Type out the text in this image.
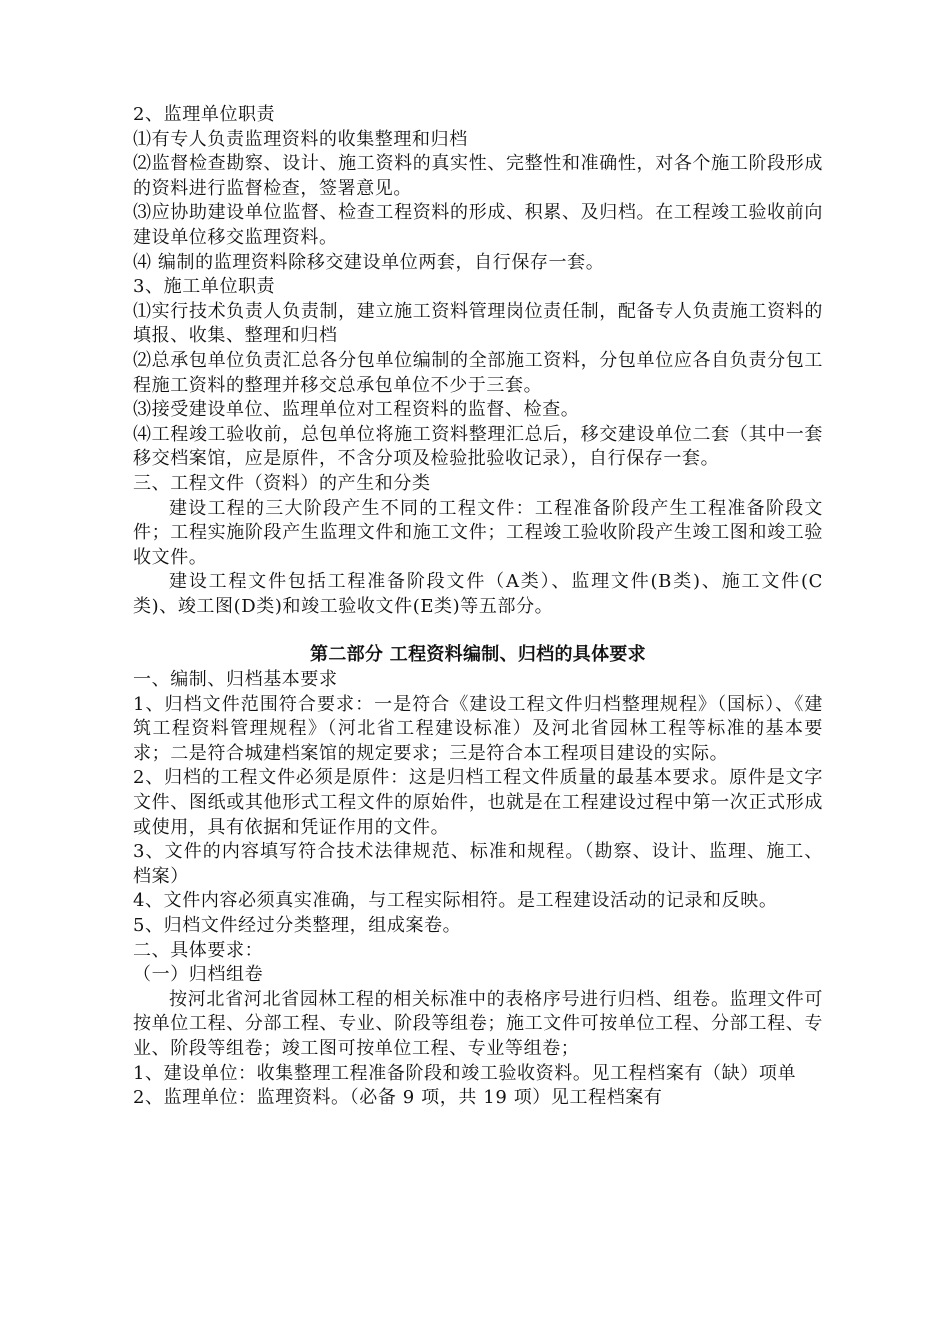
2、监理单位职责

⑴有专人负责监理资料的收集整理和归档

⑵监督检查勘察、设计、施工资料的真实性、完整性和准确性，对各个施工阶段形成的资料进行监督检查，签署意见。

⑶应协助建设单位监督、检查工程资料的形成、积累、及归档。在工程竣工验收前向建设单位移交监理资料。

⑷ 编制的监理资料除移交建设单位两套，自行保存一套。

3、施工单位职责

⑴实行技术负责人负责制，建立施工资料管理岗位责任制，配备专人负责施工资料的填报、收集、整理和归档

⑵总承包单位负责汇总各分包单位编制的全部施工资料，分包单位应各自负责分包工程施工资料的整理并移交总承包单位不少于三套。

⑶接受建设单位、监理单位对工程资料的监督、检查。

⑷工程竣工验收前，总包单位将施工资料整理汇总后，移交建设单位二套（其中一套移交档案馆，应是原件，不含分项及检验批验收记录），自行保存一套。

三、工程文件（资料）的产生和分类

建设工程的三大阶段产生不同的工程文件：工程准备阶段产生工程准备阶段文件；工程实施阶段产生监理文件和施工文件；工程竣工验收阶段产生竣工图和竣工验收文件。

建设工程文件包括工程准备阶段文件（A类）、监理文件(B类)、施工文件(C类)、竣工图(D类)和竣工验收文件(E类)等五部分。

第二部分 工程资料编制、归档的具体要求

一、编制、归档基本要求

1、归档文件范围符合要求：一是符合《建设工程文件归档整理规程》（国标）、《建筑工程资料管理规程》（河北省工程建设标准）及河北省园林工程等标准的基本要求；二是符合城建档案馆的规定要求；三是符合本工程项目建设的实际。

2、归档的工程文件必须是原件：这是归档工程文件质量的最基本要求。原件是文字文件、图纸或其他形式工程文件的原始件，也就是在工程建设过程中第一次正式形成或使用，具有依据和凭证作用的文件。

3、文件的内容填写符合技术法律规范、标准和规程。（勘察、设计、监理、施工、档案）

4、文件内容必须真实准确，与工程实际相符。是工程建设活动的记录和反映。

5、归档文件经过分类整理，组成案卷。

二、具体要求：

（一）归档组卷

按河北省河北省园林工程的相关标准中的表格序号进行归档、组卷。监理文件可按单位工程、分部工程、专业、阶段等组卷；施工文件可按单位工程、分部工程、专业、阶段等组卷；竣工图可按单位工程、专业等组卷；

1、建设单位：收集整理工程准备阶段和竣工验收资料。见工程档案有（缺）项单

2、监理单位：监理资料。（必备 9 项，共 19 项）见工程档案有
